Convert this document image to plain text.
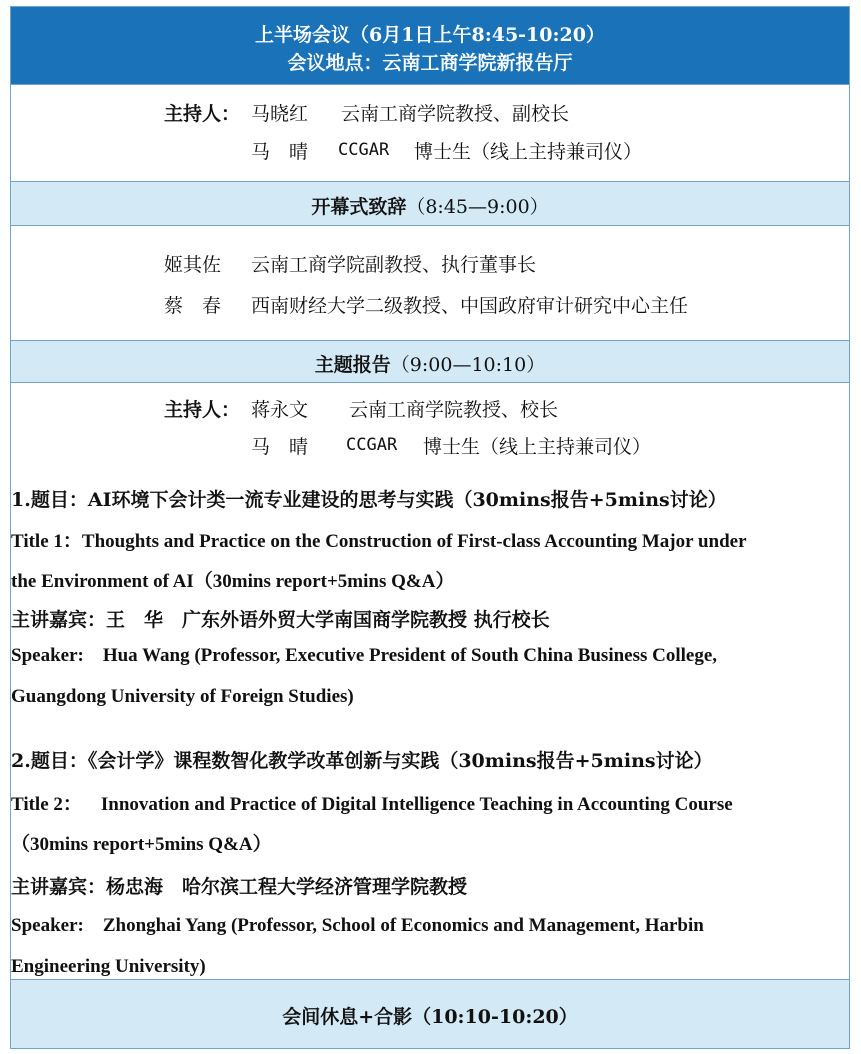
上半场会议（6月1日上午8:45-10:20）
会议地点：云南工商学院新报告厅
主持人： 马晓红 云南工商学院教授、副校长
马　晴 CCGAR 博士生（线上主持兼司仪）
开幕式致辞（8:45—9:00）
姬其佐 云南工商学院副教授、执行董事长
蔡　春 西南财经大学二级教授、中国政府审计研究中心主任
主题报告（9:00—10:10）
主持人： 蒋永文 云南工商学院教授、校长
马　晴 CCGAR 博士生（线上主持兼司仪）
1.题目：AI环境下会计类一流专业建设的思考与实践（30mins报告+5mins讨论）
Title 1：Thoughts and Practice on the Construction of First-class Accounting Major under
the Environment of AI（30mins report+5mins Q&A）
主讲嘉宾：王　华　广东外语外贸大学南国商学院教授 执行校长
Speaker:    Hua Wang (Professor, Executive President of South China Business College,
Guangdong University of Foreign Studies)
2.题目：《会计学》课程数智化教学改革创新与实践（30mins报告+5mins讨论）
Title 2：    Innovation and Practice of Digital Intelligence Teaching in Accounting Course
（30mins report+5mins Q&A）
主讲嘉宾：杨忠海　哈尔滨工程大学经济管理学院教授
Speaker:    Zhonghai Yang (Professor, School of Economics and Management, Harbin
Engineering University)
会间休息+合影（10:10-10:20）
